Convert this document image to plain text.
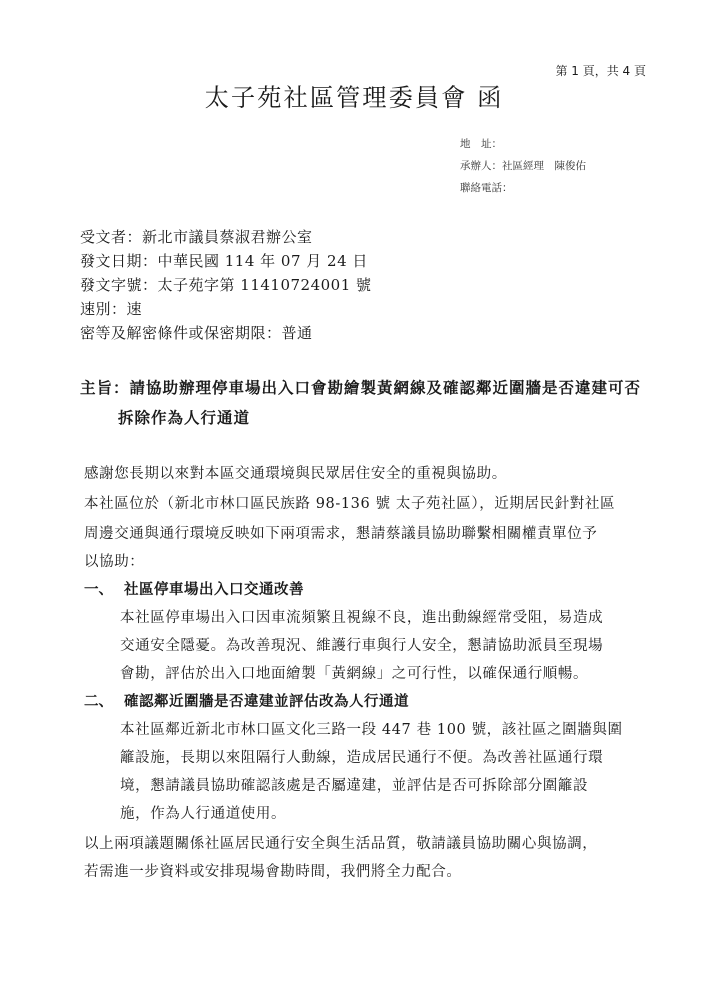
第 1 頁，共 4 頁
太子苑社區管理委員會 函
地　址：
承辦人：社區經理　陳俊佑
聯絡電話：
受文者：新北市議員蔡淑君辦公室
發文日期：中華民國 114 年 07 月 24 日
發文字號：太子苑字第 11410724001 號
速別：速
密等及解密條件或保密期限：普通
主旨：請協助辦理停車場出入口會勘繪製黃網線及確認鄰近圍牆是否違建可否
拆除作為人行通道
感謝您長期以來對本區交通環境與民眾居住安全的重視與協助。
本社區位於（新北市林口區民族路 98-136 號 太子苑社區），近期居民針對社區
周邊交通與通行環境反映如下兩項需求，懇請蔡議員協助聯繫相關權責單位予
以協助：
一、 社區停車場出入口交通改善
本社區停車場出入口因車流頻繁且視線不良，進出動線經常受阻，易造成
交通安全隱憂。為改善現況、維護行車與行人安全，懇請協助派員至現場
會勘，評估於出入口地面繪製「黃網線」之可行性，以確保通行順暢。
二、 確認鄰近圍牆是否違建並評估改為人行通道
本社區鄰近新北市林口區文化三路一段 447 巷 100 號，該社區之圍牆與圍
籬設施，長期以來阻隔行人動線，造成居民通行不便。為改善社區通行環
境，懇請議員協助確認該處是否屬違建，並評估是否可拆除部分圍籬設
施，作為人行通道使用。
以上兩項議題關係社區居民通行安全與生活品質，敬請議員協助關心與協調，
若需進一步資料或安排現場會勘時間，我們將全力配合。
